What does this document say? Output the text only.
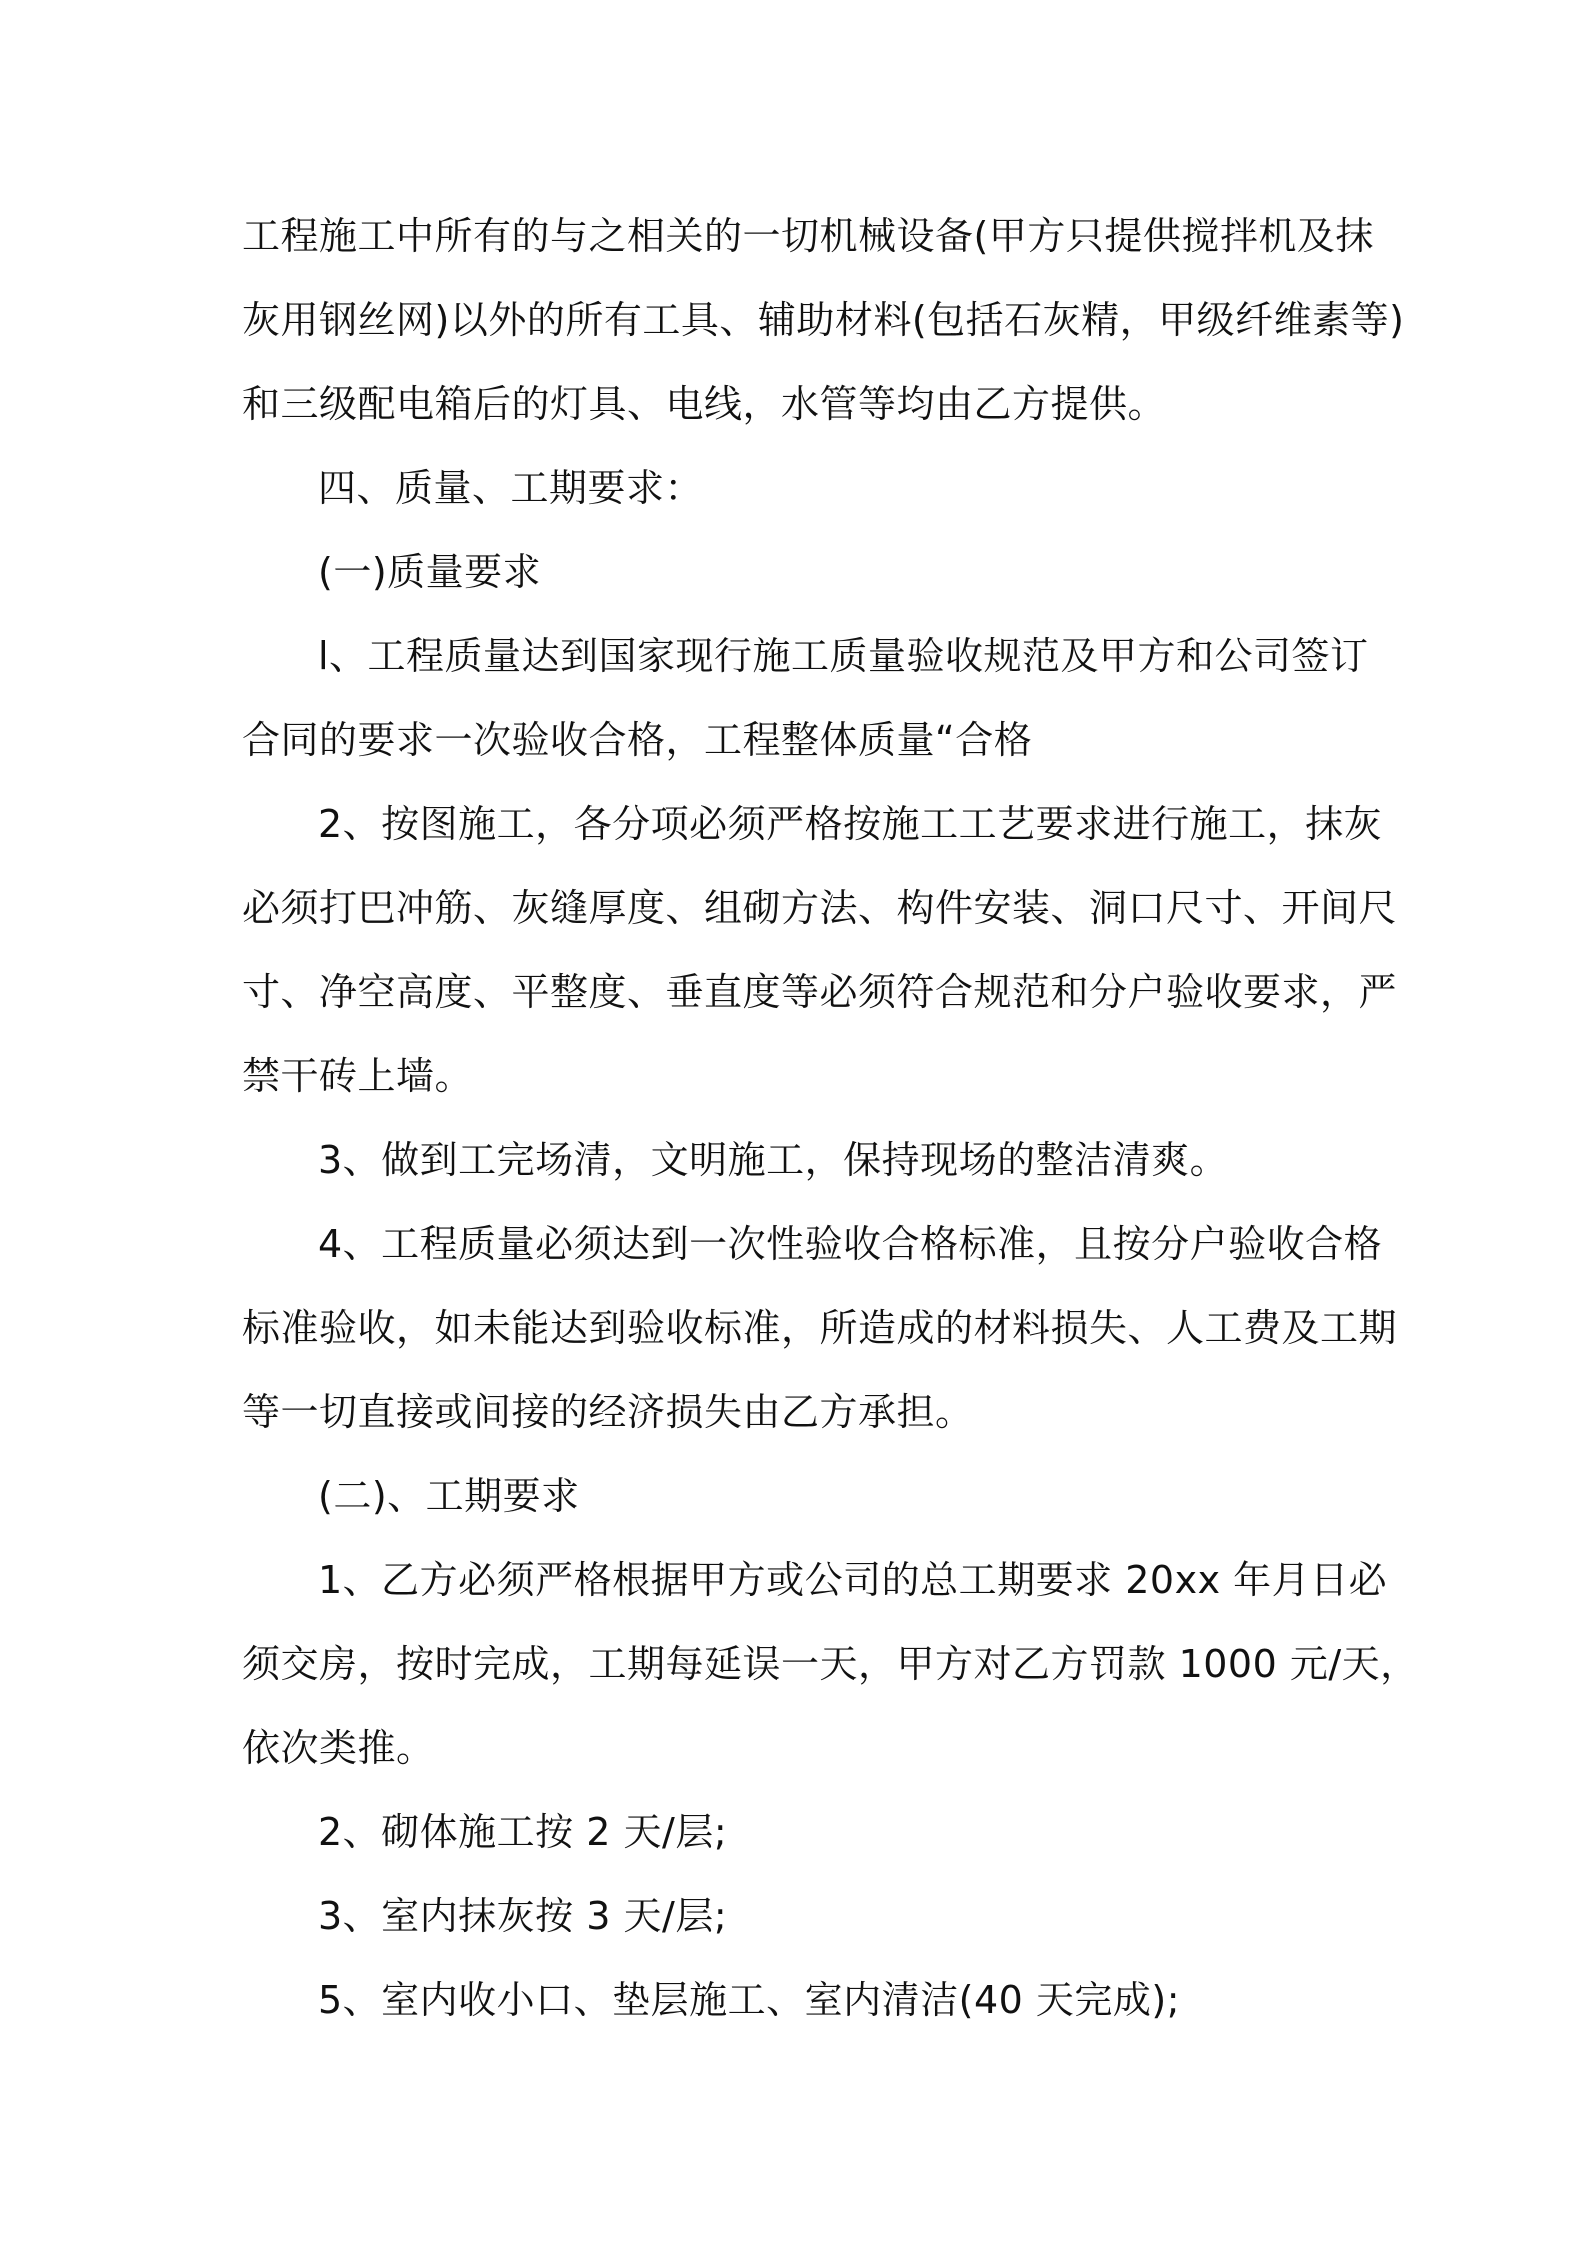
工程施工中所有的与之相关的一切机械设备(甲方只提供搅拌机及抹
灰用钢丝网)以外的所有工具、辅助材料(包括石灰精，甲级纤维素等)
和三级配电箱后的灯具、电线，水管等均由乙方提供。

四、质量、工期要求：

(一)质量要求

l、工程质量达到国家现行施工质量验收规范及甲方和公司签订
合同的要求一次验收合格，工程整体质量“合格

2、按图施工，各分项必须严格按施工工艺要求进行施工，抹灰
必须打巴冲筋、灰缝厚度、组砌方法、构件安装、洞口尺寸、开间尺
寸、净空高度、平整度、垂直度等必须符合规范和分户验收要求，严
禁干砖上墙。

3、做到工完场清，文明施工，保持现场的整洁清爽。

4、工程质量必须达到一次性验收合格标准，且按分户验收合格
标准验收，如未能达到验收标准，所造成的材料损失、人工费及工期
等一切直接或间接的经济损失由乙方承担。

(二)、工期要求

1、乙方必须严格根据甲方或公司的总工期要求 20xx 年月日必
须交房，按时完成，工期每延误一天，甲方对乙方罚款 1000 元/天，
依次类推。

2、砌体施工按 2 天/层;

3、室内抹灰按 3 天/层;

5、室内收小口、垫层施工、室内清洁(40 天完成);
